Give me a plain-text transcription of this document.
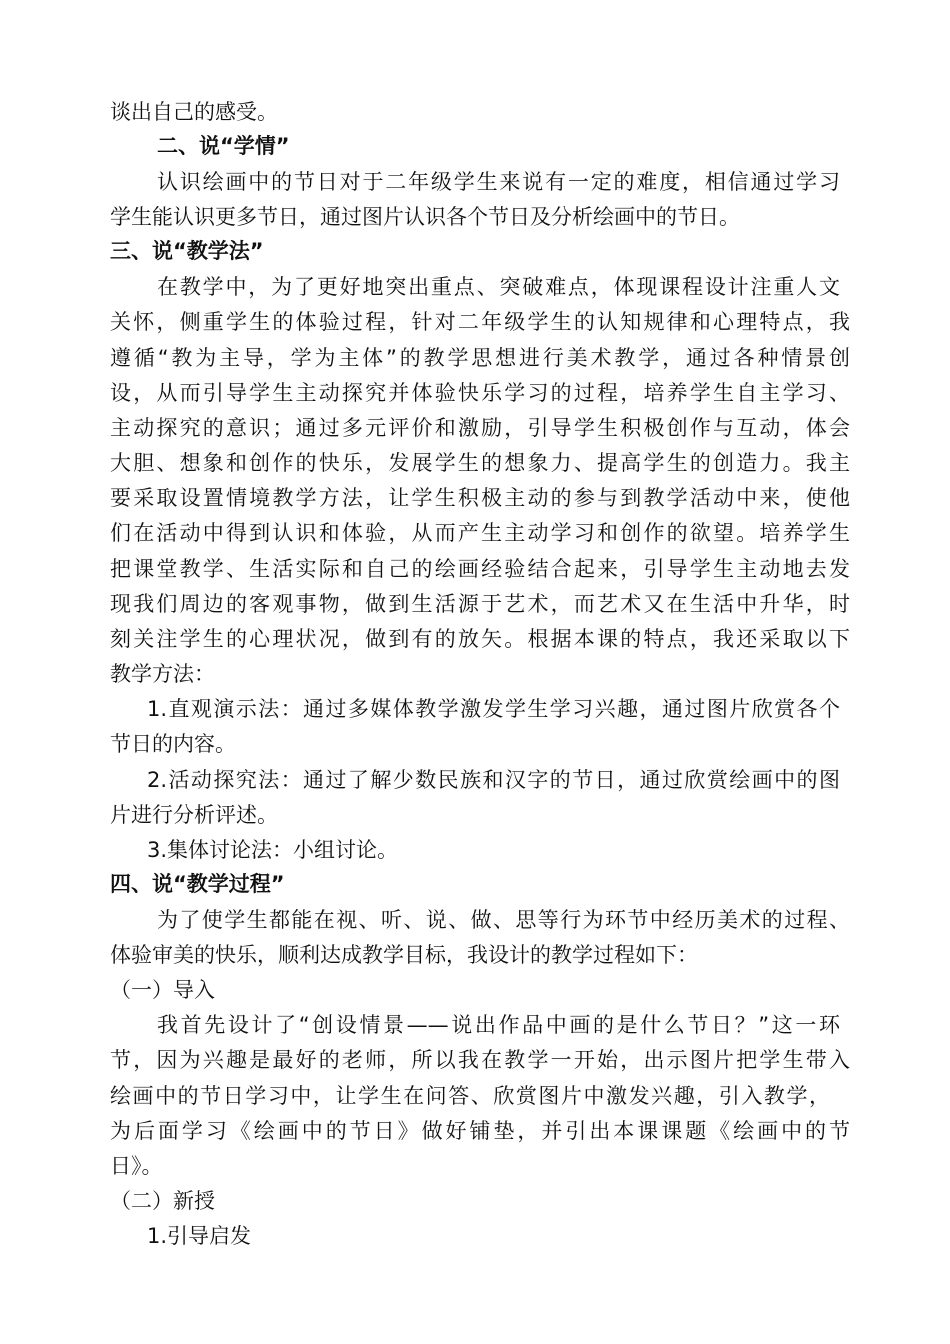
谈出自己的感受。
二、说“学情”
认识绘画中的节日对于二年级学生来说有一定的难度，相信通过学习
学生能认识更多节日，通过图片认识各个节日及分析绘画中的节日。
三、说“教学法”
在教学中，为了更好地突出重点、突破难点，体现课程设计注重人文
关怀，侧重学生的体验过程，针对二年级学生的认知规律和心理特点，我
遵循“教为主导，学为主体”的教学思想进行美术教学，通过各种情景创
设，从而引导学生主动探究并体验快乐学习的过程，培养学生自主学习、
主动探究的意识；通过多元评价和激励，引导学生积极创作与互动，体会
大胆、想象和创作的快乐，发展学生的想象力、提高学生的创造力。我主
要采取设置情境教学方法，让学生积极主动的参与到教学活动中来，使他
们在活动中得到认识和体验，从而产生主动学习和创作的欲望。培养学生
把课堂教学、生活实际和自己的绘画经验结合起来，引导学生主动地去发
现我们周边的客观事物，做到生活源于艺术，而艺术又在生活中升华，时
刻关注学生的心理状况，做到有的放矢。根据本课的特点，我还采取以下
教学方法：
1.直观演示法：通过多媒体教学激发学生学习兴趣，通过图片欣赏各个
节日的内容。
2.活动探究法：通过了解少数民族和汉字的节日，通过欣赏绘画中的图
片进行分析评述。
3.集体讨论法：小组讨论。
四、说“教学过程”
为了使学生都能在视、听、说、做、思等行为环节中经历美术的过程、
体验审美的快乐，顺利达成教学目标，我设计的教学过程如下：
（一）导入
我首先设计了“创设情景——说出作品中画的是什么节日？”这一环
节，因为兴趣是最好的老师，所以我在教学一开始，出示图片把学生带入
绘画中的节日学习中，让学生在问答、欣赏图片中激发兴趣，引入教学，
为后面学习《绘画中的节日》做好铺垫，并引出本课课题《绘画中的节
日》。
（二）新授
1.引导启发
